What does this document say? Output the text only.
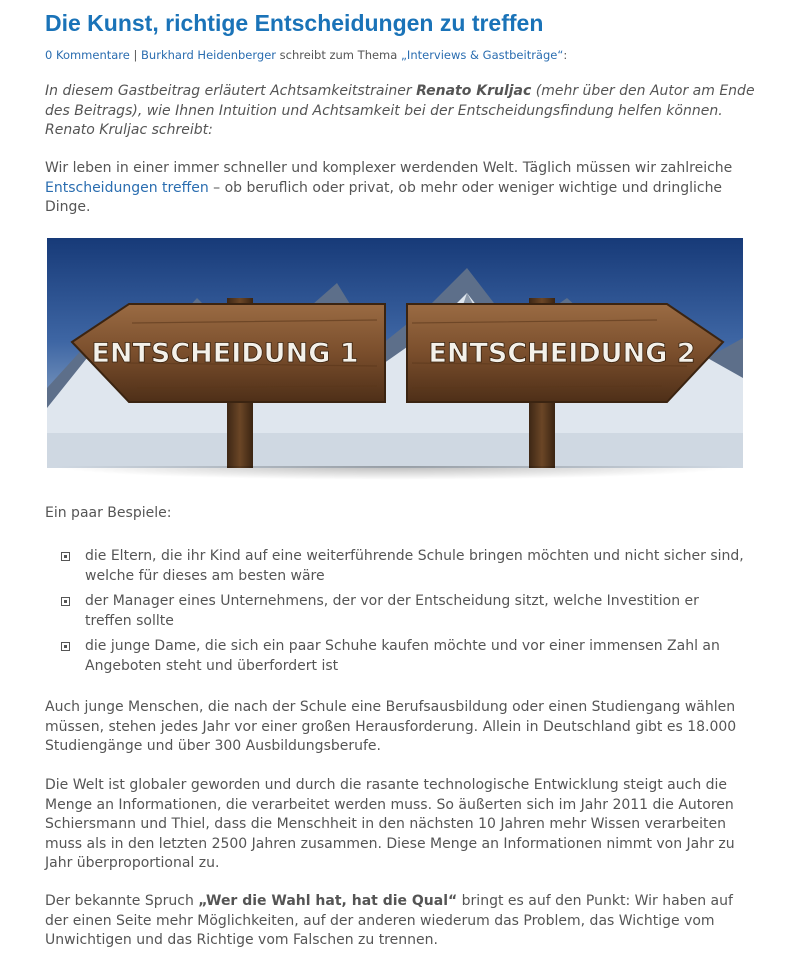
Die Kunst, richtige Entscheidungen zu treffen
0 Kommentare | Burkhard Heidenberger schreibt zum Thema „Interviews & Gastbeiträge“:

In diesem Gastbeitrag erläutert Achtsamkeitstrainer Renato Kruljac (mehr über den Autor am Ende des Beitrags), wie Ihnen Intuition und Achtsamkeit bei der Entscheidungsfindung helfen können. Renato Kruljac schreibt:

Wir leben in einer immer schneller und komplexer werdenden Welt. Täglich müssen wir zahlreiche Entscheidungen treffen – ob beruflich oder privat, ob mehr oder weniger wichtige und dringliche Dinge.

ENTSCHEIDUNG 1	ENTSCHEIDUNG 2

Ein paar Bespiele:

die Eltern, die ihr Kind auf eine weiterführende Schule bringen möchten und nicht sicher sind, welche für dieses am besten wäre
der Manager eines Unternehmens, der vor der Entscheidung sitzt, welche Investition er treffen sollte
die junge Dame, die sich ein paar Schuhe kaufen möchte und vor einer immensen Zahl an Angeboten steht und überfordert ist

Auch junge Menschen, die nach der Schule eine Berufsausbildung oder einen Studiengang wählen müssen, stehen jedes Jahr vor einer großen Herausforderung. Allein in Deutschland gibt es 18.000 Studiengänge und über 300 Ausbildungsberufe.

Die Welt ist globaler geworden und durch die rasante technologische Entwicklung steigt auch die Menge an Informationen, die verarbeitet werden muss. So äußerten sich im Jahr 2011 die Autoren Schiersmann und Thiel, dass die Menschheit in den nächsten 10 Jahren mehr Wissen verarbeiten muss als in den letzten 2500 Jahren zusammen. Diese Menge an Informationen nimmt von Jahr zu Jahr überproportional zu.

Der bekannte Spruch „Wer die Wahl hat, hat die Qual“ bringt es auf den Punkt: Wir haben auf der einen Seite mehr Möglichkeiten, auf der anderen wiederum das Problem, das Wichtige vom Unwichtigen und das Richtige vom Falschen zu trennen.
